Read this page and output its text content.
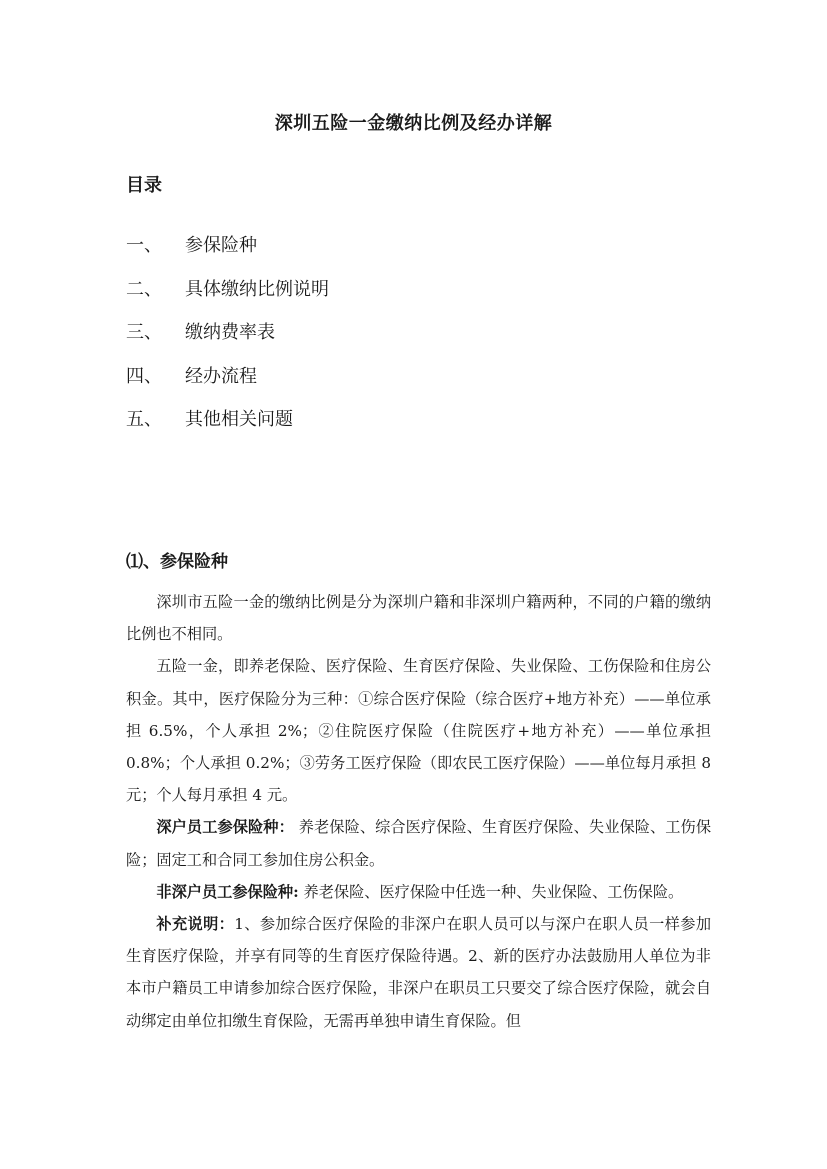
深圳五险一金缴纳比例及经办详解
目录
一、	参保险种
二、	具体缴纳比例说明
三、	缴纳费率表
四、	经办流程
五、	其他相关问题
⑴、参保险种

深圳市五险一金的缴纳比例是分为深圳户籍和非深圳户籍两种，不同的户籍的缴纳比例也不相同。

五险一金，即养老保险、医疗保险、生育医疗保险、失业保险、工伤保险和住房公积金。其中，医疗保险分为三种：①综合医疗保险（综合医疗+地方补充）——单位承担 6.5%，个人承担 2%；②住院医疗保险（住院医疗+地方补充）——单位承担 0.8%；个人承担 0.2%；③劳务工医疗保险（即农民工医疗保险）——单位每月承担 8 元；个人每月承担 4 元。

深户员工参保险种： 养老保险、综合医疗保险、生育医疗保险、失业保险、工伤保险；固定工和合同工参加住房公积金。

非深户员工参保险种: 养老保险、医疗保险中任选一种、失业保险、工伤保险。

补充说明：1、参加综合医疗保险的非深户在职人员可以与深户在职人员一样参加生育医疗保险，并享有同等的生育医疗保险待遇。2、新的医疗办法鼓励用人单位为非本市户籍员工申请参加综合医疗保险，非深户在职员工只要交了综合医疗保险，就会自动绑定由单位扣缴生育保险，无需再单独申请生育保险。但
